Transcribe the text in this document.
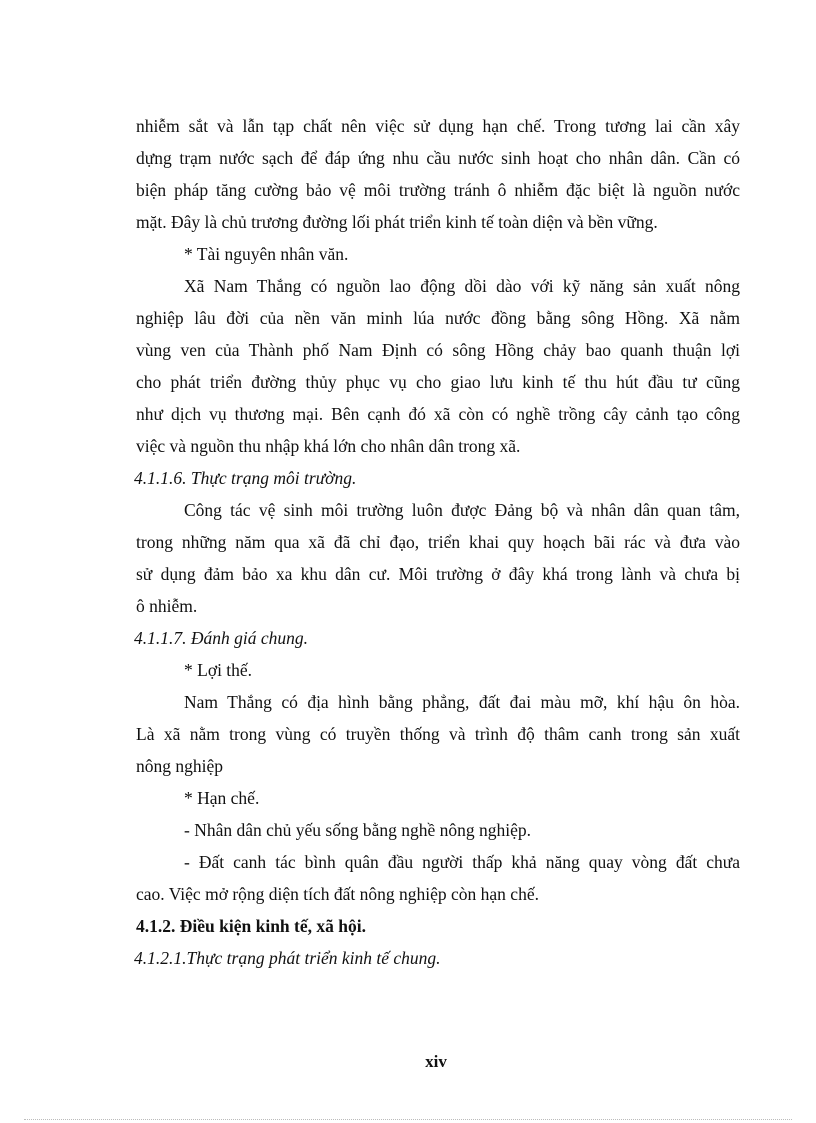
nhiễm sắt và lẫn tạp chất nên việc sử dụng hạn chế. Trong tương lai cần xây
dựng trạm nước sạch để đáp ứng nhu cầu nước sinh hoạt cho nhân dân. Cần có
biện pháp tăng cường bảo vệ môi trường tránh ô nhiễm đặc biệt là nguồn nước
mặt. Đây là chủ trương đường lối phát triển kinh tế toàn diện và bền vững.
* Tài nguyên nhân văn.
Xã Nam Thắng có nguồn lao động dồi dào với kỹ năng sản xuất nông
nghiệp lâu đời của nền văn minh lúa nước đồng bằng sông Hồng. Xã nằm
vùng ven của Thành phố Nam Định có sông Hồng chảy bao quanh thuận lợi
cho phát triển đường thủy phục vụ cho giao lưu kinh tế thu hút đầu tư cũng
như dịch vụ thương mại. Bên cạnh đó xã còn có nghề trồng cây cảnh tạo công
việc và nguồn thu nhập khá lớn cho nhân dân trong xã.
4.1.1.6. Thực trạng môi trường.
Công tác vệ sinh môi trường luôn được Đảng bộ và nhân dân quan tâm,
trong những năm qua xã đã chỉ đạo, triển khai quy hoạch bãi rác và đưa vào
sử dụng đảm bảo xa khu dân cư. Môi trường ở đây khá trong lành và chưa bị
ô nhiễm.
4.1.1.7. Đánh giá chung.
* Lợi thế.
Nam Thắng có địa hình bằng phẳng, đất đai màu mỡ, khí hậu ôn hòa.
Là xã nằm trong vùng có truyền thống và trình độ thâm canh trong sản xuất
nông nghiệp
* Hạn chế.
- Nhân dân chủ yếu sống bằng nghề nông nghiệp.
- Đất canh tác bình quân đầu người thấp khả năng quay vòng đất chưa
cao. Việc mở rộng diện tích đất nông nghiệp còn hạn chế.
4.1.2. Điều kiện kinh tế, xã hội.
4.1.2.1.Thực trạng phát triển kinh tế chung.
xiv
